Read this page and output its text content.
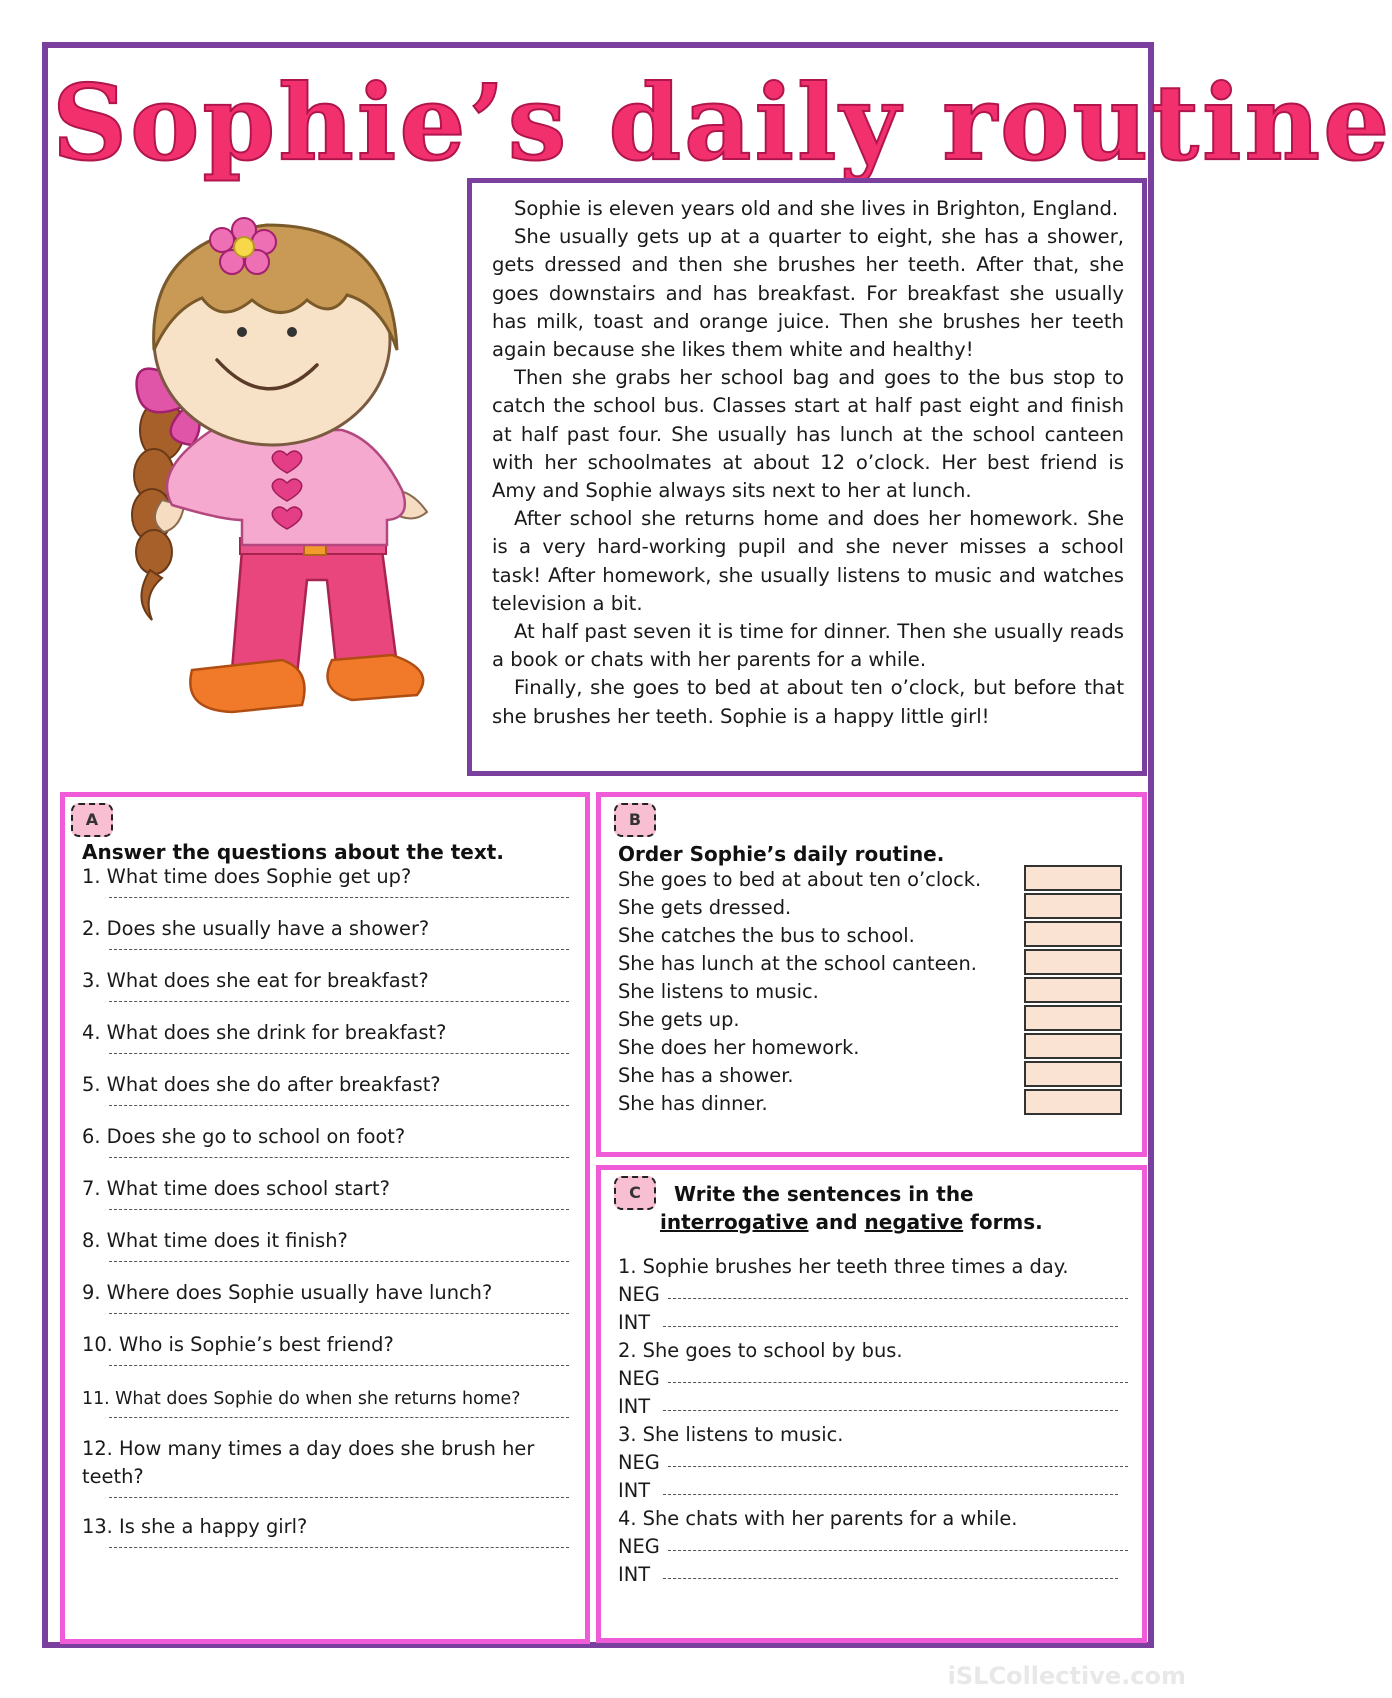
Sophie’s daily routine

Sophie is eleven years old and she lives in Brighton, England.

She usually gets up at a quarter to eight, she has a shower, gets dressed and then she brushes her teeth. After that, she goes downstairs and has breakfast. For breakfast she usually has milk, toast and orange juice. Then she brushes her teeth again because she likes them white and healthy!

Then she grabs her school bag and goes to the bus stop to catch the school bus. Classes start at half past eight and finish at half past four. She usually has lunch at the school canteen with her schoolmates at about 12 o’clock. Her best friend is Amy and Sophie always sits next to her at lunch.

After school she returns home and does her homework. She is a very hard-working pupil and she never misses a school task! After homework, she usually listens to music and watches television a bit.

At half past seven it is time for dinner. Then she usually reads a book or chats with her parents for a while.

Finally, she goes to bed at about ten o’clock, but before that she brushes her teeth. Sophie is a happy little girl!

A
Answer the questions about the text.
1. What time does Sophie get up?
2. Does she usually have a shower?
3. What does she eat for breakfast?
4. What does she drink for breakfast?
5. What does she do after breakfast?
6. Does she go to school on foot?
7. What time does school start?
8. What time does it finish?
9. Where does Sophie usually have lunch?
10. Who is Sophie’s best friend?
11. What does Sophie do when she returns home?
12. How many times a day does she brush her teeth?
13. Is she a happy girl?
B
Order Sophie’s daily routine.
She goes to bed at about ten o’clock.
She gets dressed.
She catches the bus to school.
She has lunch at the school canteen.
She listens to music.
She gets up.
She does her homework.
She has a shower.
She has dinner.
C	Write the sentences in the
interrogative and negative forms.
1. Sophie brushes her teeth three times a day.
NEG
INT
2. She goes to school by bus.
NEG
INT
3. She listens to music.
NEG
INT
4. She chats with her parents for a while.
NEG
INT
iSLCollective.com
